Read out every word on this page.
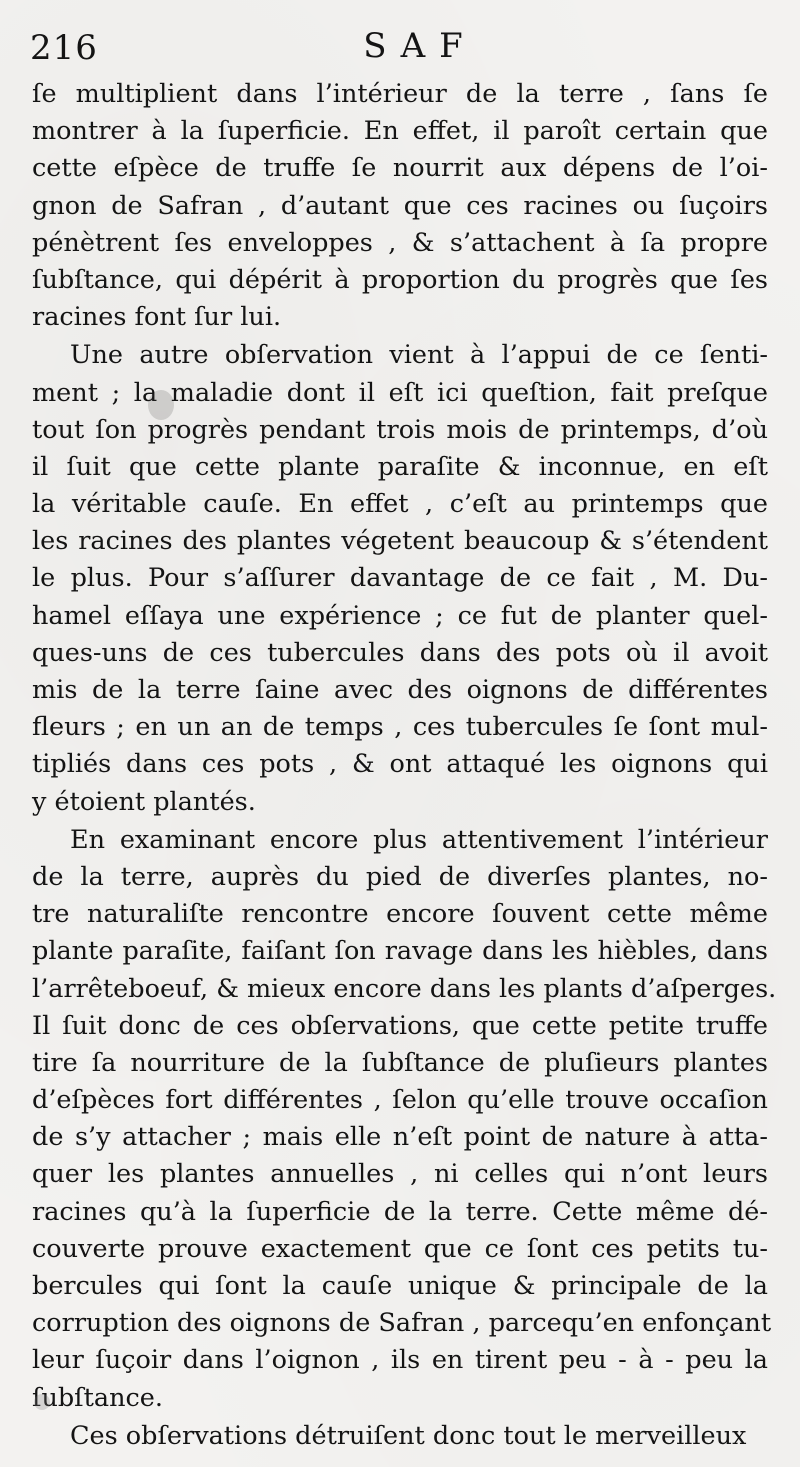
216	SAF
ſe multiplient dans l’intérieur de la terre , ſans ſe
montrer à la ſuperficie. En effet, il paroît certain que
cette eſpèce de truffe ſe nourrit aux dépens de l’oi-
gnon de Safran , d’autant que ces racines ou ſuçoirs
pénètrent ſes enveloppes , & s’attachent à ſa propre
ſubſtance, qui dépérit à proportion du progrès que ſes
racines font ſur lui.
Une autre obſervation vient à l’appui de ce ſenti-
ment ; la maladie dont il eſt ici queſtion, fait preſque
tout ſon progrès pendant trois mois de printemps, d’où
il ſuit que cette plante paraſite & inconnue, en eſt
la véritable cauſe. En effet , c’eſt au printemps que
les racines des plantes végetent beaucoup & s’étendent
le plus. Pour s’aſſurer davantage de ce fait , M. Du-
hamel eſſaya une expérience ; ce fut de planter quel-
ques-uns de ces tubercules dans des pots où il avoit
mis de la terre ſaine avec des oignons de différentes
fleurs ; en un an de temps , ces tubercules ſe ſont mul-
tipliés dans ces pots , & ont attaqué les oignons qui
y étoient plantés.
En examinant encore plus attentivement l’intérieur
de la terre, auprès du pied de diverſes plantes, no-
tre naturaliſte rencontre encore ſouvent cette même
plante paraſite, faiſant ſon ravage dans les hièbles, dans
l’arrêteboeuf, & mieux encore dans les plants d’aſperges.
Il ſuit donc de ces obſervations, que cette petite truffe
tire ſa nourriture de la ſubſtance de pluſieurs plantes
d’eſpèces fort différentes , ſelon qu’elle trouve occaſion
de s’y attacher ; mais elle n’eſt point de nature à atta-
quer les plantes annuelles , ni celles qui n’ont leurs
racines qu’à la ſuperficie de la terre. Cette même dé-
couverte prouve exactement que ce ſont ces petits tu-
bercules qui ſont la cauſe unique & principale de la
corruption des oignons de Safran , parcequ’en enfonçant
leur ſuçoir dans l’oignon , ils en tirent peu - à - peu la
ſubſtance.
Ces obſervations détruiſent donc tout le merveilleux
